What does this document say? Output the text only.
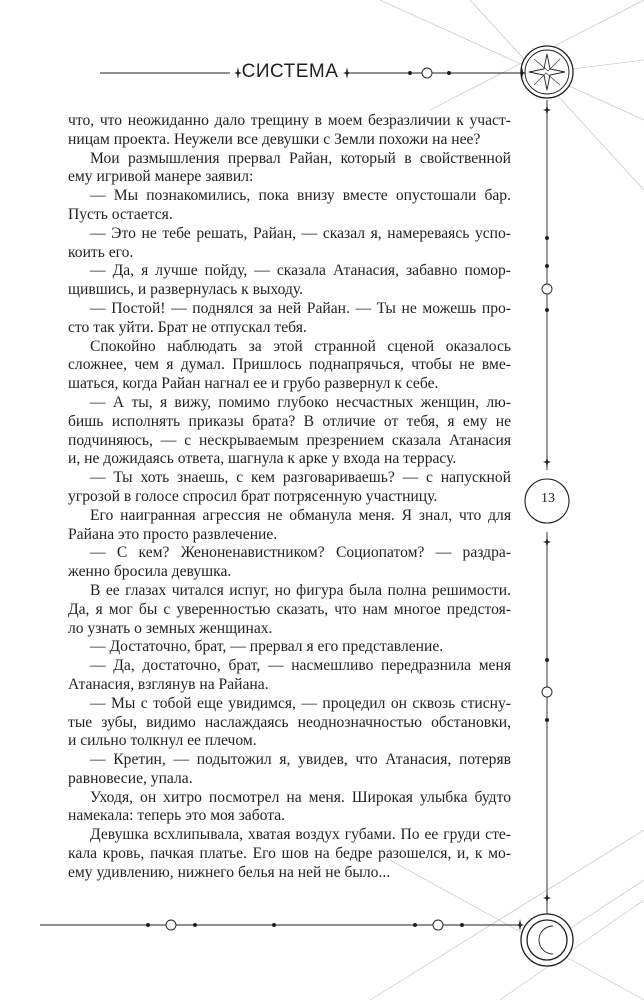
СИСТЕМА
13
что, что неожиданно дало трещину в моем безразличии к участ-
ницам проекта. Неужели все девушки с Земли похожи на нее?
Мои размышления прервал Райан, который в свойственной
ему игривой манере заявил:
— Мы познакомились, пока внизу вместе опустошали бар.
Пусть остается.
— Это не тебе решать, Райан, — сказал я, намереваясь успо-
коить его.
— Да, я лучше пойду, — сказала Атанасия, забавно помор-
щившись, и развернулась к выходу.
— Постой! — поднялся за ней Райан. — Ты не можешь про-
сто так уйти. Брат не отпускал тебя.
Спокойно наблюдать за этой странной сценой оказалось
сложнее, чем я думал. Пришлось поднапрячься, чтобы не вме-
шаться, когда Райан нагнал ее и грубо развернул к себе.
— А ты, я вижу, помимо глубоко несчастных женщин, лю-
бишь исполнять приказы брата? В отличие от тебя, я ему не
подчиняюсь, — с нескрываемым презрением сказала Атанасия
и, не дожидаясь ответа, шагнула к арке у входа на террасу.
— Ты хоть знаешь, с кем разговариваешь? — с напускной
угрозой в голосе спросил брат потрясенную участницу.
Его наигранная агрессия не обманула меня. Я знал, что для
Райана это просто развлечение.
— С кем? Женоненавистником? Социопатом? — раздра-
женно бросила девушка.
В ее глазах читался испуг, но фигура была полна решимости.
Да, я мог бы с уверенностью сказать, что нам многое предстоя-
ло узнать о земных женщинах.
— Достаточно, брат, — прервал я его представление.
— Да, достаточно, брат, — насмешливо передразнила меня
Атанасия, взглянув на Райана.
— Мы с тобой еще увидимся, — процедил он сквозь стисну-
тые зубы, видимо наслаждаясь неоднозначностью обстановки,
и сильно толкнул ее плечом.
— Кретин, — подытожил я, увидев, что Атанасия, потеряв
равновесие, упала.
Уходя, он хитро посмотрел на меня. Широкая улыбка будто
намекала: теперь это моя забота.
Девушка всхлипывала, хватая воздух губами. По ее груди сте-
кала кровь, пачкая платье. Его шов на бедре разошелся, и, к мо-
ему удивлению, нижнего белья на ней не было...
